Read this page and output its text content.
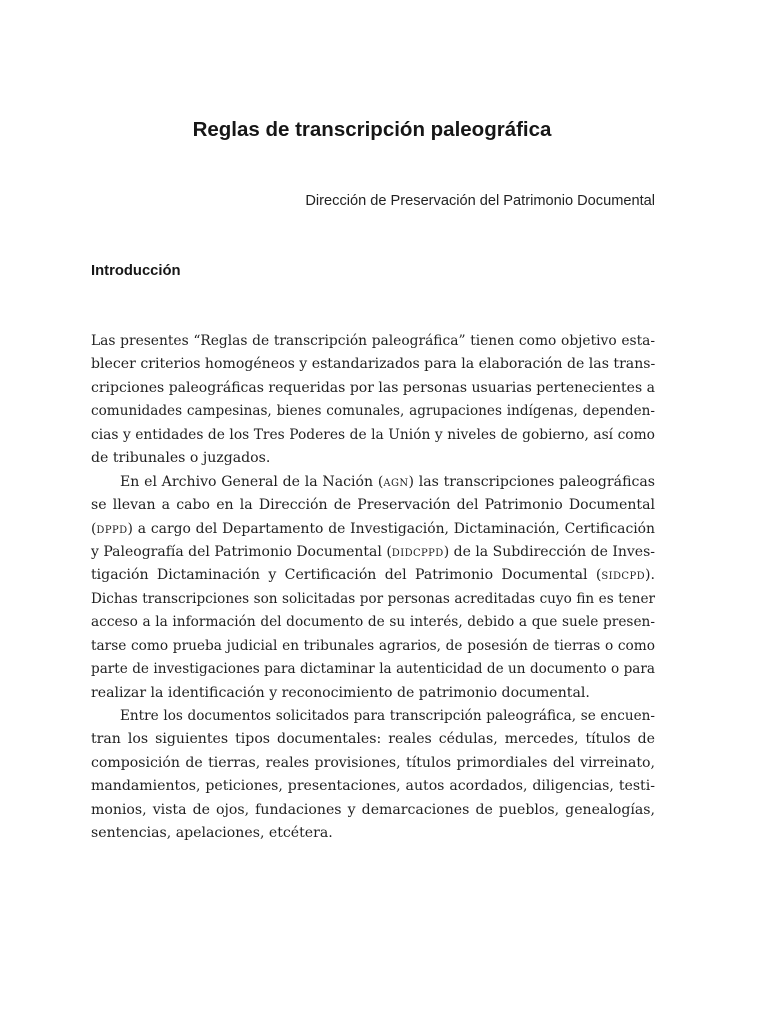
Reglas de transcripción paleográfica

Dirección de Preservación del Patrimonio Documental

Introducción
Las presentes “Reglas de transcripción paleográfica” tienen como objetivo esta-
blecer criterios homogéneos y estandarizados para la elaboración de las trans-
cripciones paleográficas requeridas por las personas usuarias pertenecientes a
comunidades campesinas, bienes comunales, agrupaciones indígenas, dependen-
cias y entidades de los Tres Poderes de la Unión y niveles de gobierno, así como
de tribunales o juzgados.
En el Archivo General de la Nación (agn) las transcripciones paleográficas
se llevan a cabo en la Dirección de Preservación del Patrimonio Documental
(dppd) a cargo del Departamento de Investigación, Dictaminación, Certificación
y Paleografía del Patrimonio Documental (didcppd) de la Subdirección de Inves-
tigación Dictaminación y Certificación del Patrimonio Documental (sidcpd).
Dichas transcripciones son solicitadas por personas acreditadas cuyo fin es tener
acceso a la información del documento de su interés, debido a que suele presen-
tarse como prueba judicial en tribunales agrarios, de posesión de tierras o como
parte de investigaciones para dictaminar la autenticidad de un documento o para
realizar la identificación y reconocimiento de patrimonio documental.
Entre los documentos solicitados para transcripción paleográfica, se encuen-
tran los siguientes tipos documentales: reales cédulas, mercedes, títulos de
composición de tierras, reales provisiones, títulos primordiales del virreinato,
mandamientos, peticiones, presentaciones, autos acordados, diligencias, testi-
monios, vista de ojos, fundaciones y demarcaciones de pueblos, genealogías,
sentencias, apelaciones, etcétera.
